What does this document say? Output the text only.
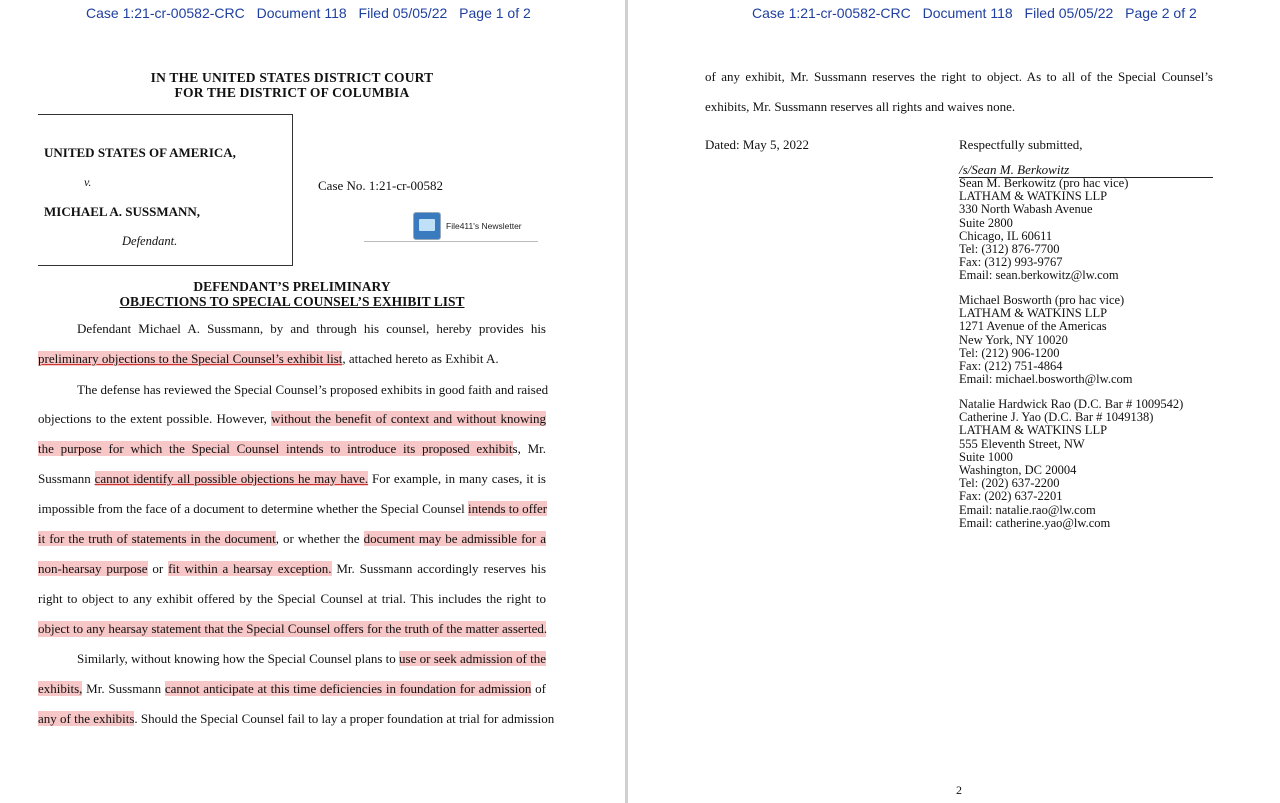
Case 1:21-cr-00582-CRC Document 118 Filed 05/05/22 Page 1 of 2
IN THE UNITED STATES DISTRICT COURT
FOR THE DISTRICT OF COLUMBIA
UNITED STATES OF AMERICA,
v.
MICHAEL A. SUSSMANN,
Defendant.
Case No. 1:21-cr-00582
File411's Newsletter
DEFENDANT’S PRELIMINARY
OBJECTIONS TO SPECIAL COUNSEL’S EXHIBIT LIST
Defendant Michael A. Sussmann, by and through his counsel, hereby provides his
preliminary objections to the Special Counsel’s exhibit list, attached hereto as Exhibit A.
The defense has reviewed the Special Counsel’s proposed exhibits in good faith and raised
objections to the extent possible. However, without the benefit of context and without knowing
the purpose for which the Special Counsel intends to introduce its proposed exhibits, Mr.
Sussmann cannot identify all possible objections he may have. For example, in many cases, it is
impossible from the face of a document to determine whether the Special Counsel intends to offer
it for the truth of statements in the document, or whether the document may be admissible for a
non-hearsay purpose or fit within a hearsay exception. Mr. Sussmann accordingly reserves his
right to object to any exhibit offered by the Special Counsel at trial. This includes the right to
object to any hearsay statement that the Special Counsel offers for the truth of the matter asserted.
Similarly, without knowing how the Special Counsel plans to use or seek admission of the
exhibits, Mr. Sussmann cannot anticipate at this time deficiencies in foundation for admission of
any of the exhibits. Should the Special Counsel fail to lay a proper foundation at trial for admission
Case 1:21-cr-00582-CRC Document 118 Filed 05/05/22 Page 2 of 2
of any exhibit, Mr. Sussmann reserves the right to object. As to all of the Special Counsel’s
exhibits, Mr. Sussmann reserves all rights and waives none.
Dated: May 5, 2022	Respectfully submitted,
/s/Sean M. Berkowitz
Sean M. Berkowitz (pro hac vice)
LATHAM & WATKINS LLP
330 North Wabash Avenue
Suite 2800
Chicago, IL 60611
Tel: (312) 876-7700
Fax: (312) 993-9767
Email: sean.berkowitz@lw.com
Michael Bosworth (pro hac vice)
LATHAM & WATKINS LLP
1271 Avenue of the Americas
New York, NY 10020
Tel: (212) 906-1200
Fax: (212) 751-4864
Email: michael.bosworth@lw.com
Natalie Hardwick Rao (D.C. Bar # 1009542)
Catherine J. Yao (D.C. Bar # 1049138)
LATHAM & WATKINS LLP
555 Eleventh Street, NW
Suite 1000
Washington, DC 20004
Tel: (202) 637-2200
Fax: (202) 637-2201
Email: natalie.rao@lw.com
Email: catherine.yao@lw.com
2
